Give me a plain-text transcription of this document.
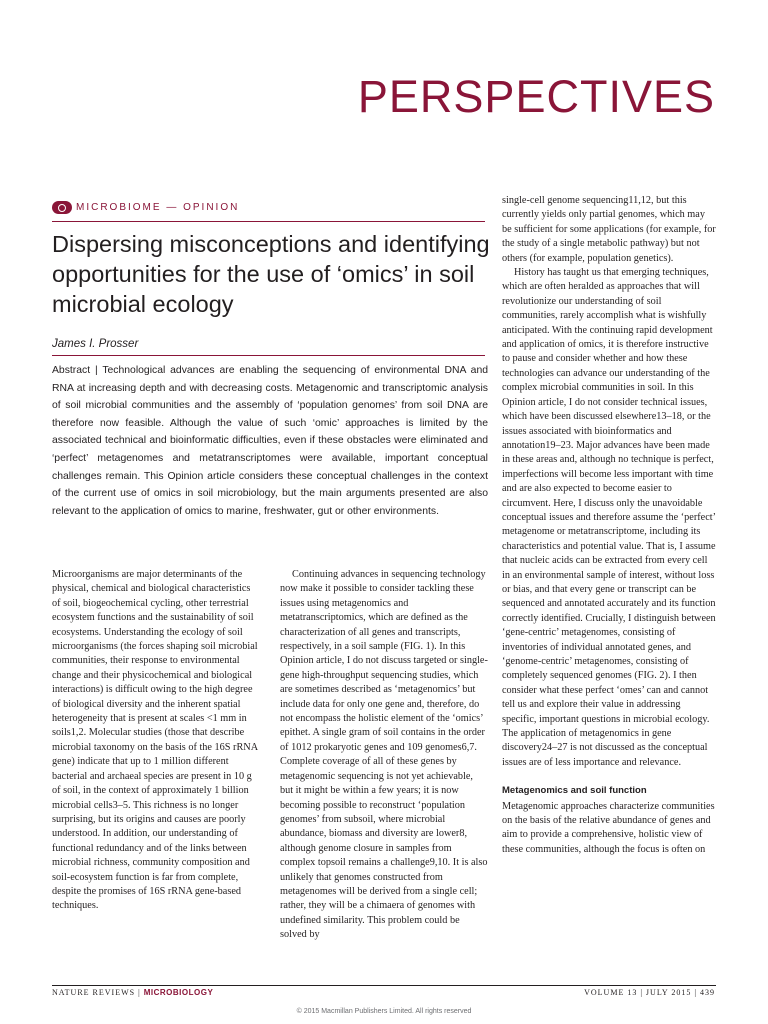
PERSPECTIVES
MICROBIOME — OPINION
Dispersing misconceptions and identifying opportunities for the use of ‘omics’ in soil microbial ecology
James I. Prosser

Abstract | Technological advances are enabling the sequencing of environmental DNA and RNA at increasing depth and with decreasing costs. Metagenomic and transcriptomic analysis of soil microbial communities and the assembly of ‘population genomes’ from soil DNA are therefore now feasible. Although the value of such ‘omic’ approaches is limited by the associated technical and bioinformatic difficulties, even if these obstacles were eliminated and ‘perfect’ metagenomes and metatranscriptomes were available, important conceptual challenges remain. This Opinion article considers these conceptual challenges in the context of the current use of omics in soil microbiology, but the main arguments presented are also relevant to the application of omics to marine, freshwater, gut or other environments.

Microorganisms are major determinants of the physical, chemical and biological characteristics of soil, biogeochemical cycling, other terrestrial ecosystem functions and the sustainability of soil ecosystems. Understanding the ecology of soil microorganisms (the forces shaping soil microbial communities, their response to environmental change and their physicochemical and biological interactions) is difficult owing to the high degree of biological diversity and the inherent spatial heterogeneity that is present at scales <1 mm in soils1,2. Molecular studies (those that describe microbial taxonomy on the basis of the 16S rRNA gene) indicate that up to 1 million different bacterial and archaeal species are present in 10 g of soil, in the context of approximately 1 billion microbial cells3–5. This richness is no longer surprising, but its origins and causes are poorly understood. In addition, our understanding of functional redundancy and of the links between microbial richness, community composition and soil-ecosystem function is far from complete, despite the promises of 16S rRNA gene-based techniques.

Continuing advances in sequencing technology now make it possible to consider tackling these issues using metagenomics and metatranscriptomics, which are defined as the characterization of all genes and transcripts, respectively, in a soil sample (FIG. 1). In this Opinion article, I do not discuss targeted or single-gene high-throughput sequencing studies, which are sometimes described as ‘metagenomics’ but include data for only one gene and, therefore, do not encompass the holistic element of the ‘omics’ epithet. A single gram of soil contains in the order of 1012 prokaryotic genes and 109 genomes6,7. Complete coverage of all of these genes by metagenomic sequencing is not yet achievable, but it might be within a few years; it is now becoming possible to reconstruct ‘population genomes’ from subsoil, where microbial abundance, biomass and diversity are lower8, although genome closure in samples from complex topsoil remains a challenge9,10. It is also unlikely that genomes constructed from metagenomes will be derived from a single cell; rather, they will be a chimaera of genomes with undefined similarity. This problem could be solved by

single-cell genome sequencing11,12, but this currently yields only partial genomes, which may be sufficient for some applications (for example, for the study of a single metabolic pathway) but not others (for example, population genetics).

History has taught us that emerging techniques, which are often heralded as approaches that will revolutionize our understanding of soil communities, rarely accomplish what is wishfully anticipated. With the continuing rapid development and application of omics, it is therefore instructive to pause and consider whether and how these technologies can advance our understanding of the complex microbial communities in soil. In this Opinion article, I do not consider technical issues, which have been discussed elsewhere13–18, or the issues associated with bioinformatics and annotation19–23. Major advances have been made in these areas and, although no technique is perfect, imperfections will become less important with time and are also expected to become easier to circumvent. Here, I discuss only the unavoidable conceptual issues and therefore assume the ‘perfect’ metagenome or metatranscriptome, including its characteristics and potential value. That is, I assume that nucleic acids can be extracted from every cell in an environmental sample of interest, without loss or bias, and that every gene or transcript can be sequenced and annotated accurately and its function correctly identified. Crucially, I distinguish between ‘gene-centric’ metagenomes, consisting of inventories of individual annotated genes, and ‘genome-centric’ metagenomes, consisting of completely sequenced genomes (FIG. 2). I then consider what these perfect ‘omes’ can and cannot tell us and explore their value in addressing specific, important questions in microbial ecology. The application of metagenomics in gene discovery24–27 is not discussed as the conceptual issues are of less importance and relevance.

Metagenomics and soil function

Metagenomic approaches characterize communities on the basis of the relative abundance of genes and aim to provide a comprehensive, holistic view of these communities, although the focus is often on

NATURE REVIEWS | MICROBIOLOGY	VOLUME 13 | JULY 2015 | 439
© 2015 Macmillan Publishers Limited. All rights reserved
